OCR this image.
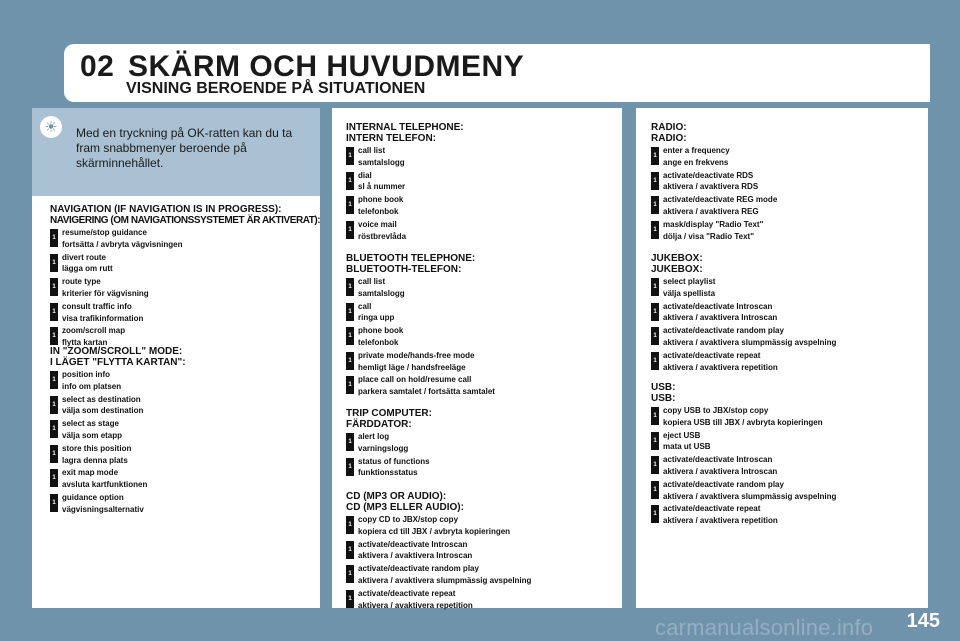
02 SKÄRM OCH HUVUDMENY
VISNING BEROENDE PÅ SITUATIONEN
☀	Med en tryckning på OK-ratten kan du ta fram snabbmenyer beroende på skärminnehållet.
NAVIGATION (IF NAVIGATION IS IN PROGRESS):
NAVIGERING (OM NAVIGATIONSSYSTEMET ÄR AKTIVERAT):
1
resume/stop guidance
fortsätta / avbryta vägvisningen
1
divert route
lägga om rutt
1
route type
kriterier för vägvisning
1
consult traffic info
visa trafikinformation
1
zoom/scroll map
flytta kartan
IN "ZOOM/SCROLL" MODE:
I LÄGET "FLYTTA KARTAN":
1
position info
info om platsen
1
select as destination
välja som destination
1
select as stage
välja som etapp
1
store this position
lagra denna plats
1
exit map mode
avsluta kartfunktionen
1
guidance option
vägvisningsalternativ
INTERNAL TELEPHONE:
INTERN TELEFON:
1
call list
samtalslogg
1
dial
sl å nummer
1
phone book
telefonbok
1
voice mail
röstbrevlåda
BLUETOOTH TELEPHONE:
BLUETOOTH-TELEFON:
1
call list
samtalslogg
1
call
ringa upp
1
phone book
telefonbok
1
private mode/hands-free mode
hemligt läge / handsfreeläge
1
place call on hold/resume call
parkera samtalet / fortsätta samtalet
TRIP COMPUTER:
FÄRDDATOR:
1
alert log
varningslogg
1
status of functions
funktionsstatus
CD (MP3 OR AUDIO):
CD (MP3 ELLER AUDIO):
1
copy CD to JBX/stop copy
kopiera cd till JBX / avbryta kopieringen
1
activate/deactivate Introscan
aktivera / avaktivera Introscan
1
activate/deactivate random play
aktivera / avaktivera slumpmässig avspelning
1
activate/deactivate repeat
aktivera / avaktivera repetition
RADIO:
RADIO:
1
enter a frequency
ange en frekvens
1
activate/deactivate RDS
aktivera / avaktivera RDS
1
activate/deactivate REG mode
aktivera / avaktivera REG
1
mask/display "Radio Text"
dölja / visa "Radio Text"
JUKEBOX:
JUKEBOX:
1
select playlist
välja spellista
1
activate/deactivate Introscan
aktivera / avaktivera Introscan
1
activate/deactivate random play
aktivera / avaktivera slumpmässig avspelning
1
activate/deactivate repeat
aktivera / avaktivera repetition
USB:
USB:
1
copy USB to JBX/stop copy
kopiera USB till JBX / avbryta kopieringen
1
eject USB
mata ut USB
1
activate/deactivate Introscan
aktivera / avaktivera Introscan
1
activate/deactivate random play
aktivera / avaktivera slumpmässig avspelning
1
activate/deactivate repeat
aktivera / avaktivera repetition
carmanualsonline.info 145
